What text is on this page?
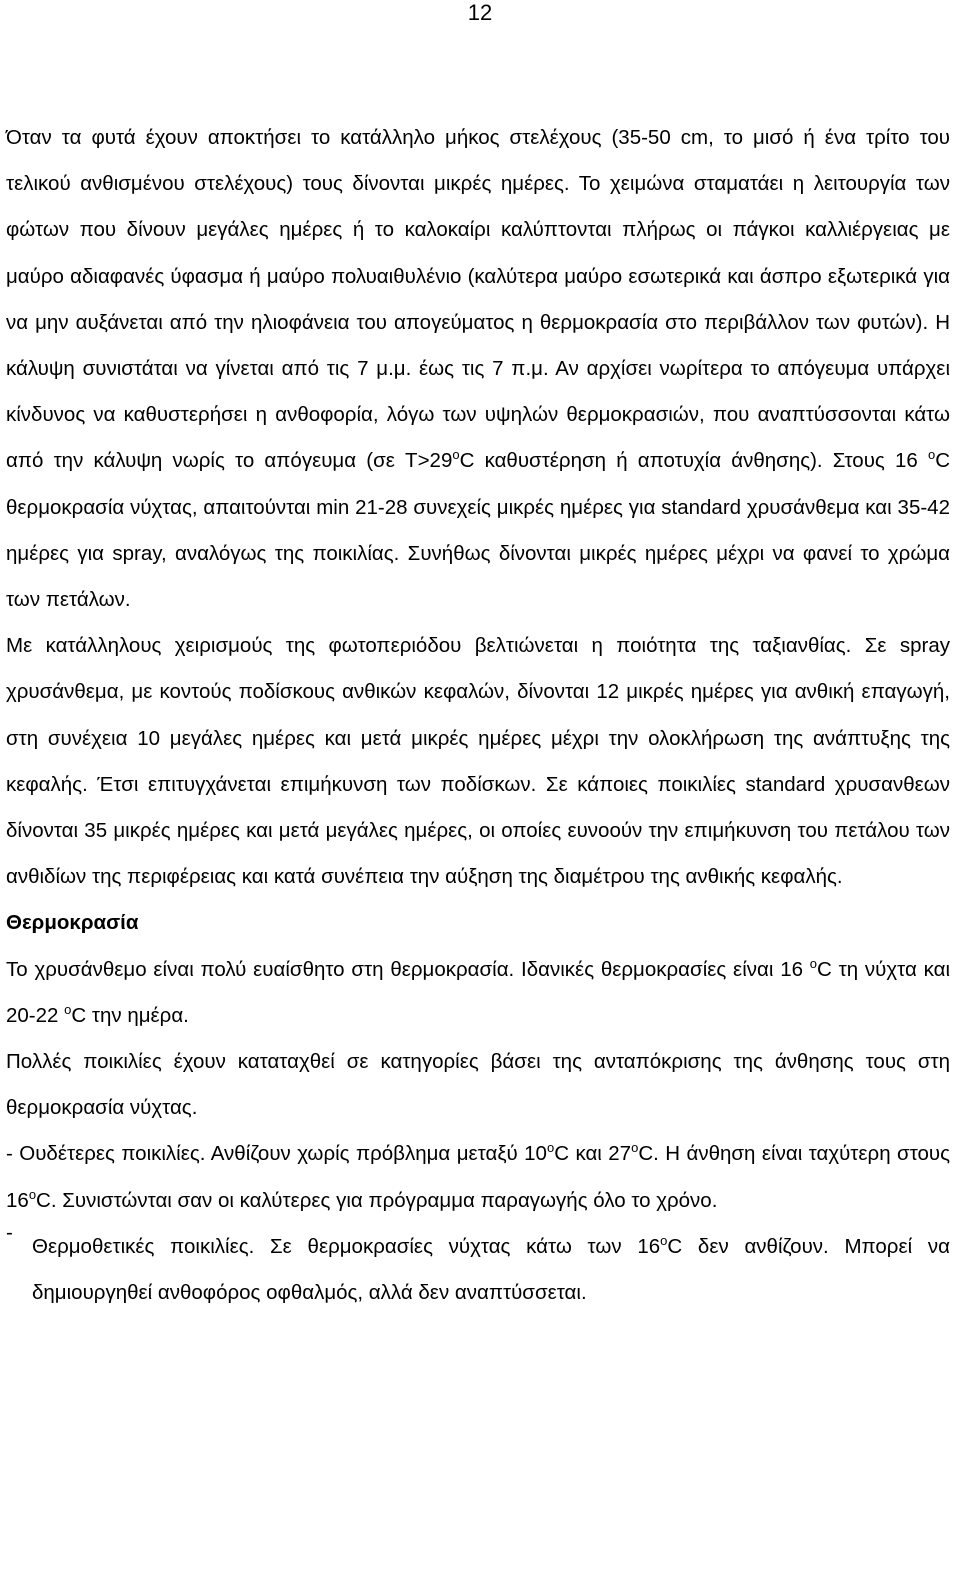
12

Όταν τα φυτά έχουν αποκτήσει το κατάλληλο μήκος στελέχους (35-50 cm, το μισό ή ένα τρίτο του τελικού ανθισμένου στελέχους) τους δίνονται μικρές ημέρες. Το χειμώνα σταματάει η λειτουργία των φώτων που δίνουν μεγάλες ημέρες ή το καλοκαίρι καλύπτονται πλήρως οι πάγκοι καλλιέργειας με μαύρο αδιαφανές ύφασμα ή μαύρο πολυαιθυλένιο (καλύτερα μαύρο εσωτερικά και άσπρο εξωτερικά για να μην αυξάνεται από την ηλιοφάνεια του απογεύματος η θερμοκρασία στο περιβάλλον των φυτών). Η κάλυψη συνιστάται να γίνεται από τις 7 μ.μ. έως τις 7 π.μ. Αν αρχίσει νωρίτερα το απόγευμα υπάρχει κίνδυνος να καθυστερήσει η ανθοφορία, λόγω των υψηλών θερμοκρασιών, που αναπτύσσονται κάτω από την κάλυψη νωρίς το απόγευμα (σε $T>29^oC$ καθυστέρηση ή αποτυχία άνθησης). Στους 16 $^o$C θερμοκρασία νύχτας, απαιτούνται min 21-28 συνεχείς μικρές ημέρες για standard χρυσάνθεμα και 35-42 ημέρες για spray, αναλόγως της ποικιλίας. Συνήθως δίνονται μικρές ημέρες μέχρι να φανεί το χρώμα των πετάλων.

Με κατάλληλους χειρισμούς της φωτοπεριόδου βελτιώνεται η ποιότητα της ταξιανθίας. Σε spray χρυσάνθεμα, με κοντούς ποδίσκους ανθικών κεφαλών, δίνονται 12 μικρές ημέρες για ανθική επαγωγή, στη συνέχεια 10 μεγάλες ημέρες και μετά μικρές ημέρες μέχρι την ολοκλήρωση της ανάπτυξης της κεφαλής. Έτσι επιτυγχάνεται επιμήκυνση των ποδίσκων. Σε κάποιες ποικιλίες standard χρυσανθεων δίνονται 35 μικρές ημέρες και μετά μεγάλες ημέρες, οι οποίες ευνοούν την επιμήκυνση του πετάλου των ανθιδίων της περιφέρειας και κατά συνέπεια την αύξηση της διαμέτρου της ανθικής κεφαλής.

Θερμοκρασία

Το χρυσάνθεμο είναι πολύ ευαίσθητο στη θερμοκρασία. Ιδανικές θερμοκρασίες είναι 16 $^o$C τη νύχτα και 20-22 $^o$C την ημέρα.

Πολλές ποικιλίες έχουν καταταχθεί σε κατηγορίες βάσει της ανταπόκρισης της άνθησης τους στη θερμοκρασία νύχτας.

- Ουδέτερες ποικιλίες. Ανθίζουν χωρίς πρόβλημα μεταξύ 10$^o$C και 27$^o$C. Η άνθηση είναι ταχύτερη στους 16$^o$C. Συνιστώνται σαν οι καλύτερες για πρόγραμμα παραγωγής όλο το χρόνο.

-
Θερμοθετικές ποικιλίες. Σε θερμοκρασίες νύχτας κάτω των 16$^o$C δεν ανθίζουν. Μπορεί να δημιουργηθεί ανθοφόρος οφθαλμός, αλλά δεν αναπτύσσεται.
